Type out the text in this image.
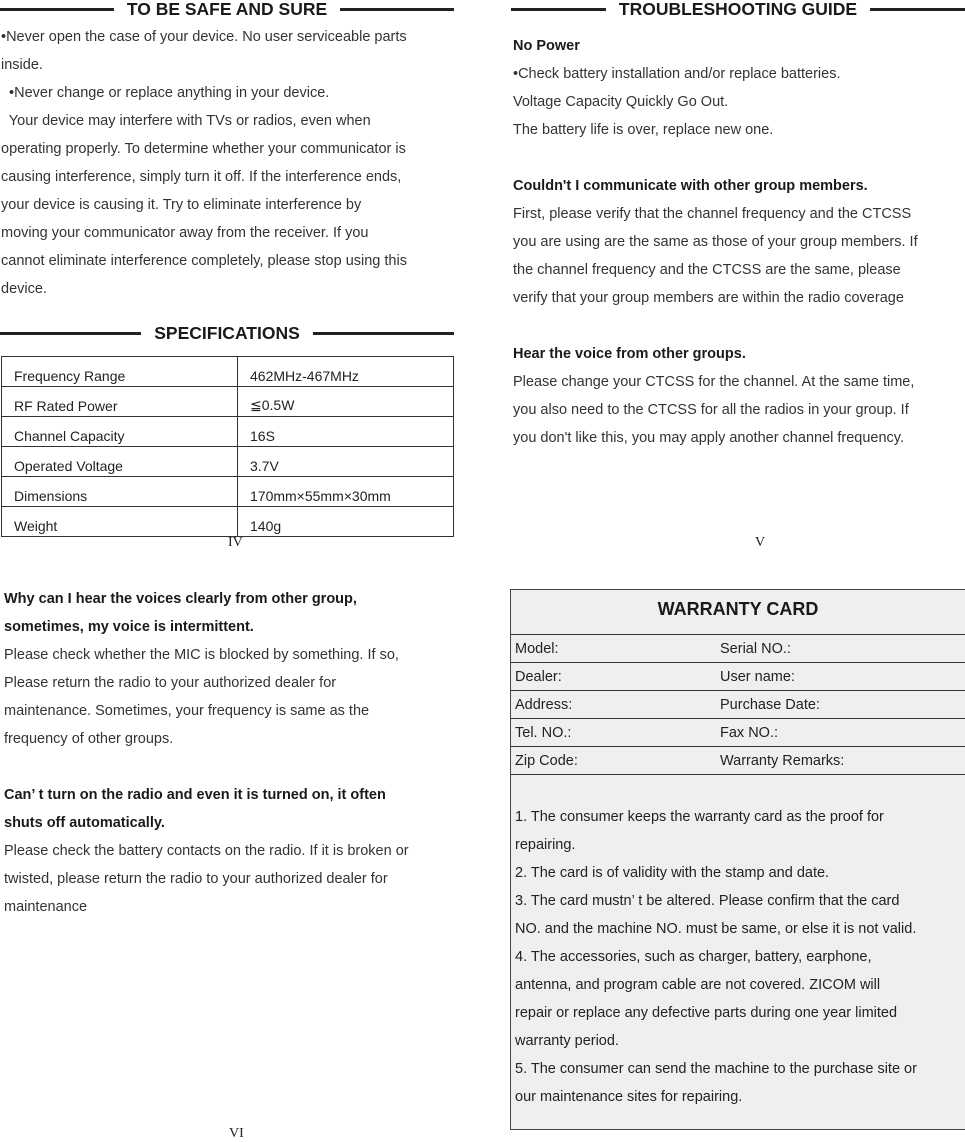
TO BE SAFE AND SURE

•Never open the case of your device. No user serviceable parts

inside.

•Never change or replace anything in your device.

Your device may interfere with TVs or radios, even when

operating properly. To determine whether your communicator is

causing interference, simply turn it off. If the interference ends,

your device is causing it. Try to eliminate interference by

moving your communicator away from the receiver. If you

cannot eliminate interference completely, please stop using this

device.

SPECIFICATIONS
Frequency Range	462MHz-467MHz
RF Rated Power	≦0.5W
Channel Capacity	16S
Operated Voltage	3.7V
Dimensions	170mm×55mm×30mm
Weight	140g
IV
TROUBLESHOOTING GUIDE

No Power

•Check battery installation and/or replace batteries.

Voltage Capacity Quickly Go Out.

The battery life is over, replace new one.

Couldn't I communicate with other group members.

First, please verify that the channel frequency and the CTCSS

you are using are the same as those of your group members. If

the channel frequency and the CTCSS are the same, please

verify that your group members are within the radio coverage

Hear the voice from other groups.

Please change your CTCSS for the channel. At the same time,

you also need to the CTCSS for all the radios in your group. If

you don't like this, you may apply another channel frequency.

V

Why can I hear the voices clearly from other group,

sometimes, my voice is intermittent.

Please check whether the MIC is blocked by something. If so,

Please return the radio to your authorized dealer for

maintenance. Sometimes, your frequency is same as the

frequency of other groups.

Can’ t turn on the radio and even it is turned on, it often

shuts off automatically.

Please check the battery contacts on the radio. If it is broken or

twisted, please return the radio to your authorized dealer for

maintenance

VI
WARRANTY CARD
Model:	Serial NO.:
Dealer:	User name:
Address:	Purchase Date:
Tel. NO.:	Fax NO.:
Zip Code:	Warranty Remarks:

1. The consumer keeps the warranty card as the proof for

repairing.

2. The card is of validity with the stamp and date.

3. The card mustn’ t be altered. Please confirm that the card

NO. and the machine NO. must be same, or else it is not valid.

4. The accessories, such as charger, battery, earphone,

antenna, and program cable are not covered. ZICOM will

repair or replace any defective parts during one year limited

warranty period.

5. The consumer can send the machine to the purchase site or

our maintenance sites for repairing.
